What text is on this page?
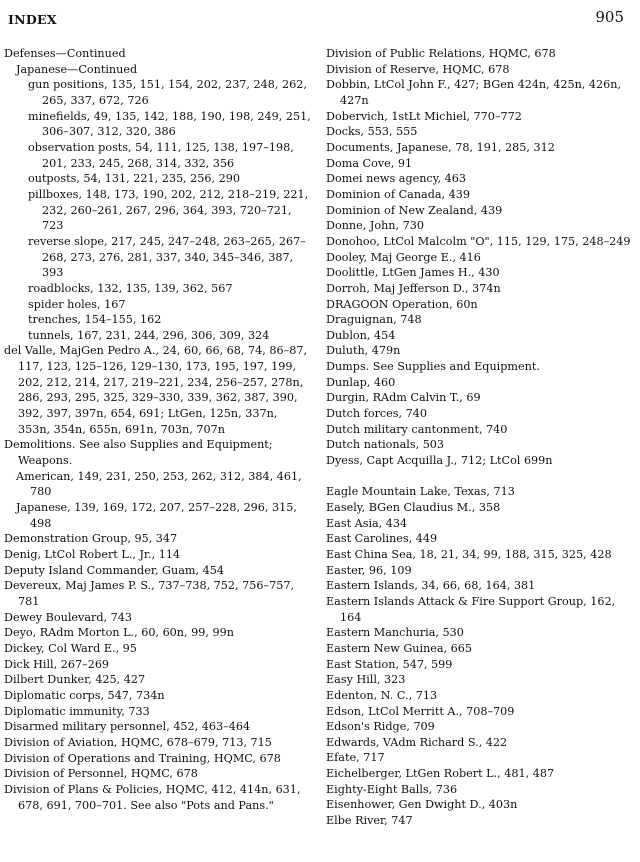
INDEX	905
Defenses—Continued
Japanese—Continued
gun positions, 135, 151, 154, 202, 237, 248, 262, 265, 337, 672, 726
minefields, 49, 135, 142, 188, 190, 198, 249, 251, 306–307, 312, 320, 386
observation posts, 54, 111, 125, 138, 197–198, 201, 233, 245, 268, 314, 332, 356
outposts, 54, 131, 221, 235, 256, 290
pillboxes, 148, 173, 190, 202, 212, 218–219, 221, 232, 260–261, 267, 296, 364, 393, 720–721, 723
reverse slope, 217, 245, 247–248, 263–265, 267–268, 273, 276, 281, 337, 340, 345–346, 387, 393
roadblocks, 132, 135, 139, 362, 567
spider holes, 167
trenches, 154–155, 162
tunnels, 167, 231, 244, 296, 306, 309, 324
del Valle, MajGen Pedro A., 24, 60, 66, 68, 74, 86–87, 117, 123, 125–126, 129–130, 173, 195, 197, 199, 202, 212, 214, 217, 219–221, 234, 256–257, 278n, 286, 293, 295, 325, 329–330, 339, 362, 387, 390, 392, 397, 397n, 654, 691; LtGen, 125n, 337n, 353n, 354n, 655n, 691n, 703n, 707n
Demolitions. See also Supplies and Equipment; Weapons.
American, 149, 231, 250, 253, 262, 312, 384, 461, 780
Japanese, 139, 169, 172, 207, 257–228, 296, 315, 498
Demonstration Group, 95, 347
Denig, LtCol Robert L., Jr., 114
Deputy Island Commander, Guam, 454
Devereux, Maj James P. S., 737–738, 752, 756–757, 781
Dewey Boulevard, 743
Deyo, RAdm Morton L., 60, 60n, 99, 99n
Dickey, Col Ward E., 95
Dick Hill, 267–269
Dilbert Dunker, 425, 427
Diplomatic corps, 547, 734n
Diplomatic immunity, 733
Disarmed military personnel, 452, 463–464
Division of Aviation, HQMC, 678–679, 713, 715
Division of Operations and Training, HQMC, 678
Division of Personnel, HQMC, 678
Division of Plans & Policies, HQMC, 412, 414n, 631, 678, 691, 700–701. See also "Pots and Pans."
Division of Public Relations, HQMC, 678
Division of Reserve, HQMC, 678
Dobbin, LtCol John F., 427; BGen 424n, 425n, 426n, 427n
Dobervich, 1stLt Michiel, 770–772
Docks, 553, 555
Documents, Japanese, 78, 191, 285, 312
Doma Cove, 91
Domei news agency, 463
Dominion of Canada, 439
Dominion of New Zealand, 439
Donne, John, 730
Donohoo, LtCol Malcolm "O", 115, 129, 175, 248–249
Dooley, Maj George E., 416
Doolittle, LtGen James H., 430
Dorroh, Maj Jefferson D., 374n
DRAGOON Operation, 60n
Draguignan, 748
Dublon, 454
Duluth, 479n
Dumps. See Supplies and Equipment.
Dunlap, 460
Durgin, RAdm Calvin T., 69
Dutch forces, 740
Dutch military cantonment, 740
Dutch nationals, 503
Dyess, Capt Acquilla J., 712; LtCol 699n
Eagle Mountain Lake, Texas, 713
Easely, BGen Claudius M., 358
East Asia, 434
East Carolines, 449
East China Sea, 18, 21, 34, 99, 188, 315, 325, 428
Easter, 96, 109
Eastern Islands, 34, 66, 68, 164, 381
Eastern Islands Attack & Fire Support Group, 162, 164
Eastern Manchuria, 530
Eastern New Guinea, 665
East Station, 547, 599
Easy Hill, 323
Edenton, N. C., 713
Edson, LtCol Merritt A., 708–709
Edson's Ridge, 709
Edwards, VAdm Richard S., 422
Efate, 717
Eichelberger, LtGen Robert L., 481, 487
Eighty-Eight Balls, 736
Eisenhower, Gen Dwight D., 403n
Elbe River, 747
